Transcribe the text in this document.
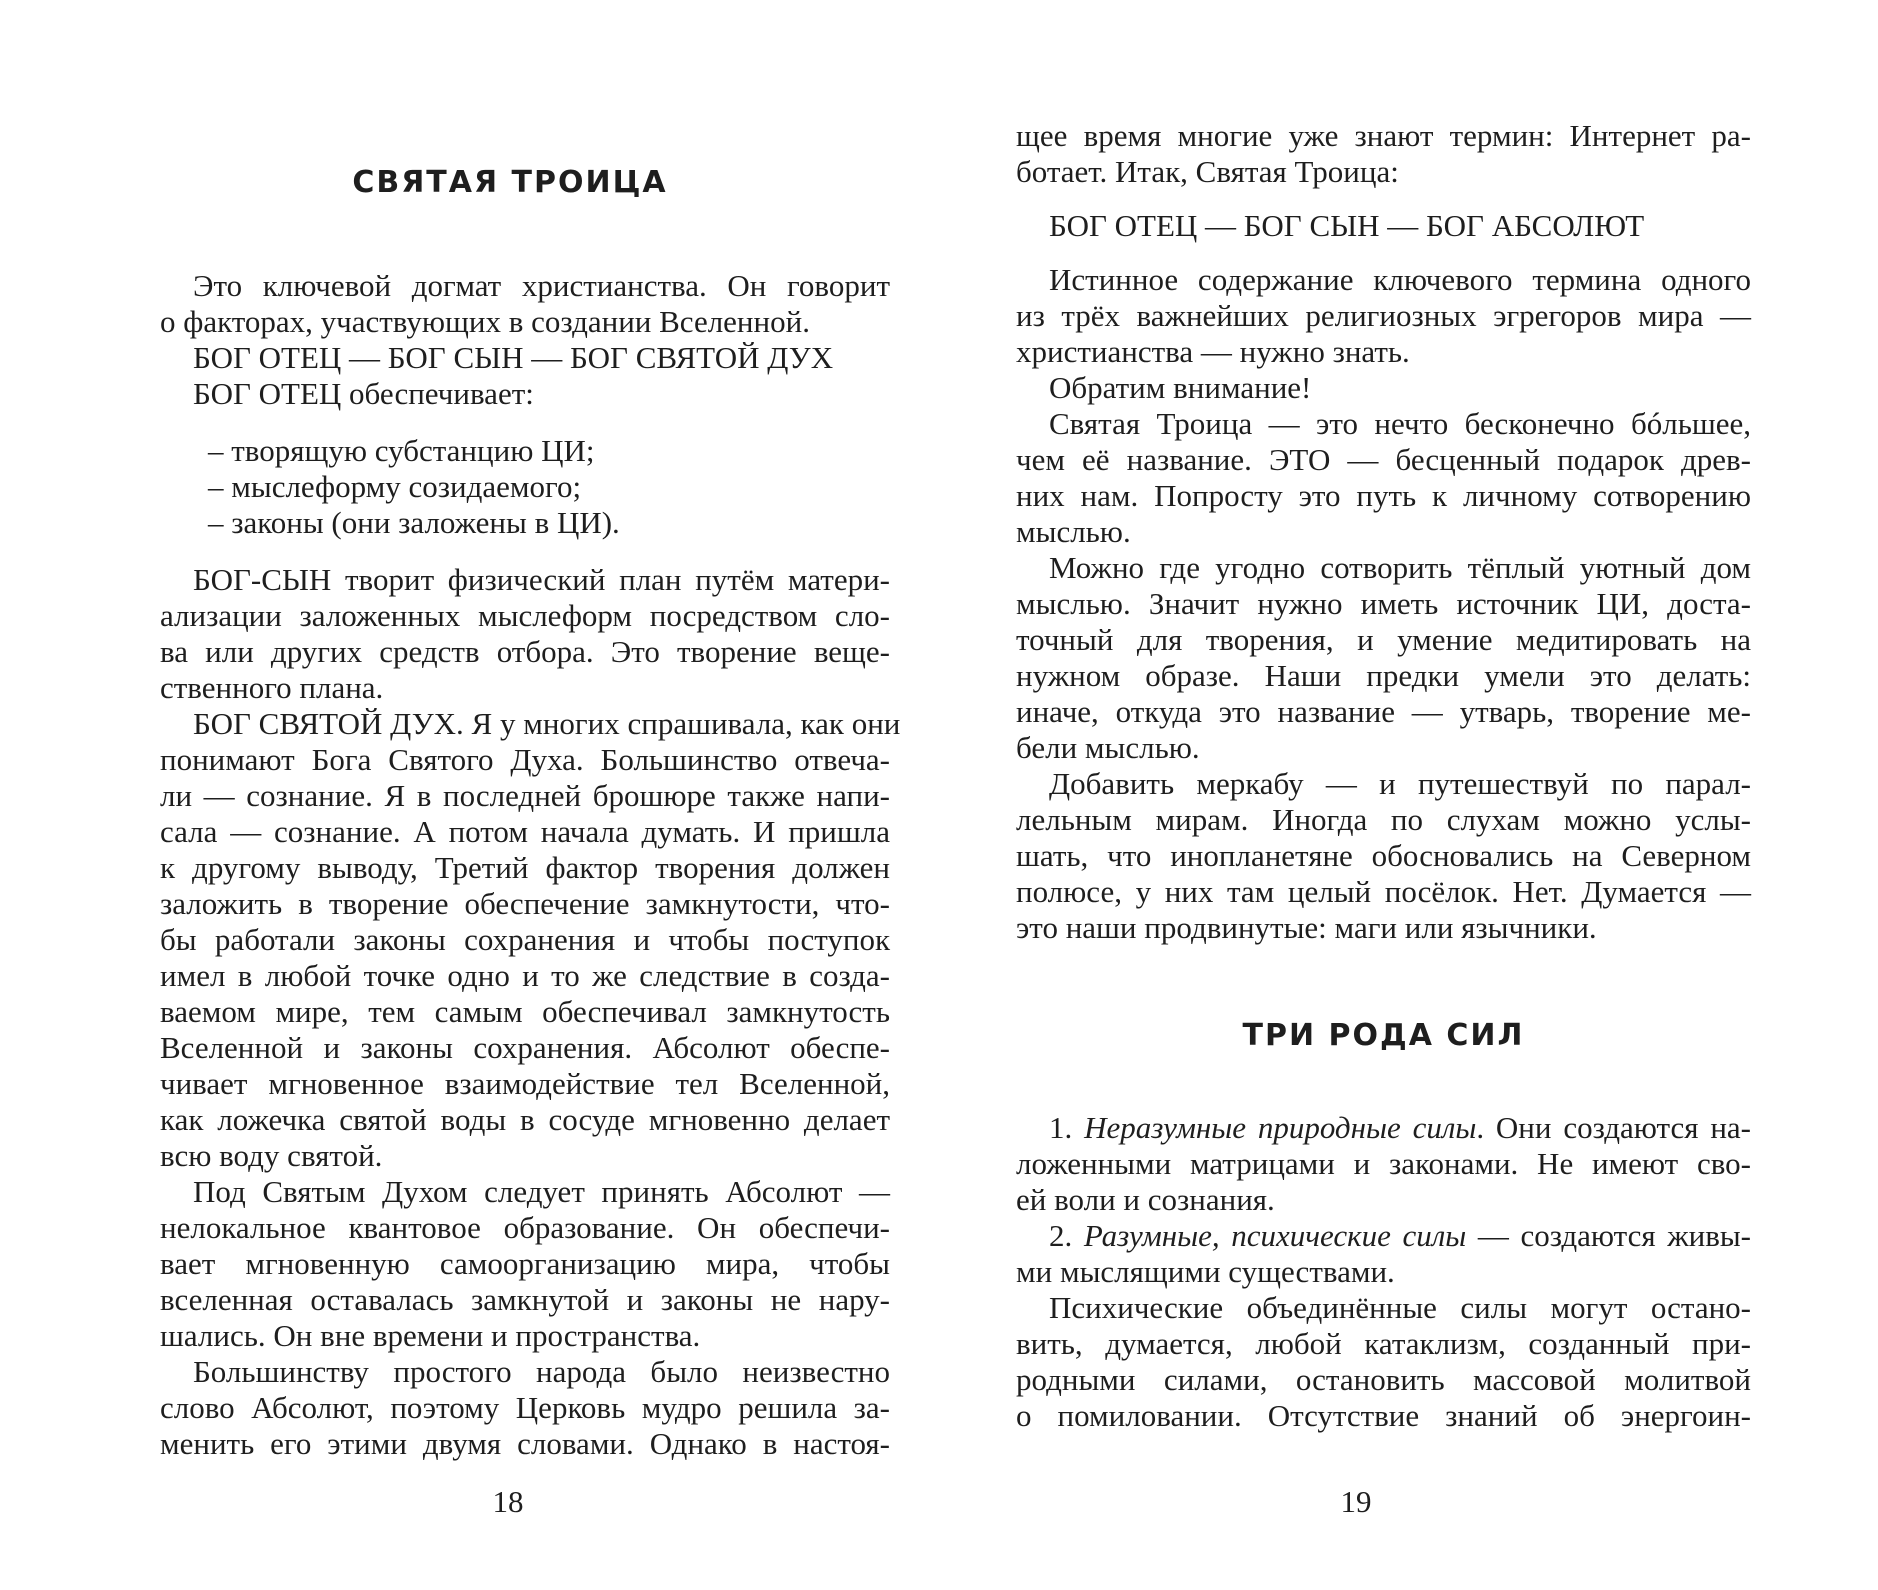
СВЯТАЯ ТРОИЦА
Это ключевой догмат христианства. Он говорит
о факторах, участвующих в создании Вселенной.
БОГ ОТЕЦ — БОГ СЫН — БОГ СВЯТОЙ ДУХ
БОГ ОТЕЦ обеспечивает:
– творящую субстанцию ЦИ;
– мыслеформу созидаемого;
– законы (они заложены в ЦИ).
БОГ-СЫН творит физический план путём матери-
ализации заложенных мыслеформ посредством сло-
ва или других средств отбора. Это творение веще-
ственного плана.
БОГ СВЯТОЙ ДУХ. Я у многих спрашивала, как они
понимают Бога Святого Духа. Большинство отвеча-
ли — сознание. Я в последней брошюре также напи-
сала — сознание. А потом начала думать. И пришла
к другому выводу, Третий фактор творения должен
заложить в творение обеспечение замкнутости, что-
бы работали законы сохранения и чтобы поступок
имел в любой точке одно и то же следствие в созда-
ваемом мире, тем самым обеспечивал замкнутость
Вселенной и законы сохранения. Абсолют обеспе-
чивает мгновенное взаимодействие тел Вселенной,
как ложечка святой воды в сосуде мгновенно делает
всю воду святой.
Под Святым Духом следует принять Абсолют —
нелокальное квантовое образование. Он обеспечи-
вает мгновенную самоорганизацию мира, чтобы
вселенная оставалась замкнутой и законы не нару-
шались. Он вне времени и пространства.
Большинству простого народа было неизвестно
слово Абсолют, поэтому Церковь мудро решила за-
менить его этими двумя словами. Однако в настоя-
18
щее время многие уже знают термин: Интернет ра-
ботает. Итак, Святая Троица:
БОГ ОТЕЦ — БОГ СЫН — БОГ АБСОЛЮТ
Истинное содержание ключевого термина одного
из трёх важнейших религиозных эгрегоров мира —
христианства — нужно знать.
Обратим внимание!
Святая Троица — это нечто бесконечно бóльшее,
чем её название. ЭТО — бесценный подарок древ-
них нам. Попросту это путь к личному сотворению
мыслью.
Можно где угодно сотворить тёплый уютный дом
мыслью. Значит нужно иметь источник ЦИ, доста-
точный для творения, и умение медитировать на
нужном образе. Наши предки умели это делать:
иначе, откуда это название — утварь, творение ме-
бели мыслью.
Добавить меркабу — и путешествуй по парал-
лельным мирам. Иногда по слухам можно услы-
шать, что инопланетяне обосновались на Северном
полюсе, у них там целый посёлок. Нет. Думается —
это наши продвинутые: маги или язычники.
ТРИ РОДА СИЛ
1. Неразумные природные силы. Они создаются на-
ложенными матрицами и законами. Не имеют сво-
ей воли и сознания.
2. Разумные, психические силы — создаются живы-
ми мыслящими существами.
Психические объединённые силы могут остано-
вить, думается, любой катаклизм, созданный при-
родными силами, остановить массовой молитвой
о помиловании. Отсутствие знаний об энергоин-
19
